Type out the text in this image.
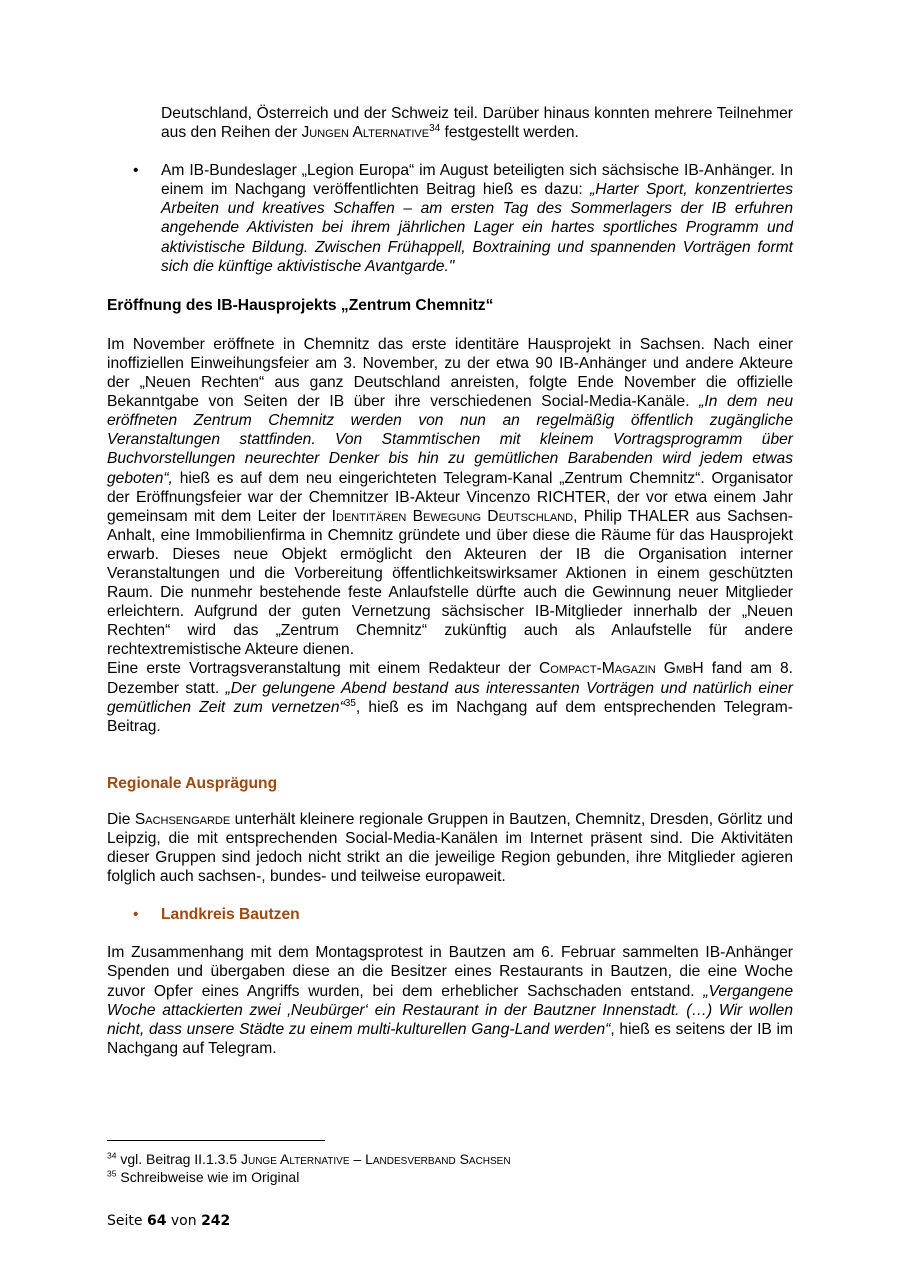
Deutschland, Österreich und der Schweiz teil. Darüber hinaus konnten mehrere Teilnehmer aus den Reihen der Jungen Alternative$^{34}$ festgestellt werden.

• Am IB-Bundeslager „Legion Europa“ im August beteiligten sich sächsische IB-Anhänger. In einem im Nachgang veröffentlichten Beitrag hieß es dazu: „Harter Sport, konzentriertes Arbeiten und kreatives Schaffen – am ersten Tag des Sommerlagers der IB erfuhren angehende Aktivisten bei ihrem jährlichen Lager ein hartes sportliches Programm und aktivistische Bildung. Zwischen Frühappell, Boxtraining und spannenden Vorträgen formt sich die künftige aktivistische Avantgarde."

Eröffnung des IB-Hausprojekts „Zentrum Chemnitz“

Im November eröffnete in Chemnitz das erste identitäre Hausprojekt in Sachsen. Nach einer inoffiziellen Einweihungsfeier am 3. November, zu der etwa 90 IB-Anhänger und andere Akteure der „Neuen Rechten“ aus ganz Deutschland anreisten, folgte Ende November die offizielle Bekanntgabe von Seiten der IB über ihre verschiedenen Social-Media-Kanäle. „In dem neu eröffneten Zentrum Chemnitz werden von nun an regelmäßig öffentlich zugängliche Veranstaltungen stattfinden. Von Stammtischen mit kleinem Vortragsprogramm über Buchvorstellungen neurechter Denker bis hin zu gemütlichen Barabenden wird jedem etwas geboten“, hieß es auf dem neu eingerichteten Telegram-Kanal „Zentrum Chemnitz“. Organisator der Eröffnungsfeier war der Chemnitzer IB-Akteur Vincenzo RICHTER, der vor etwa einem Jahr gemeinsam mit dem Leiter der Identitären Bewegung Deutschland, Philip THALER aus Sachsen-Anhalt, eine Immobilienfirma in Chemnitz gründete und über diese die Räume für das Hausprojekt erwarb. Dieses neue Objekt ermöglicht den Akteuren der IB die Organisation interner Veranstaltungen und die Vorbereitung öffentlichkeitswirksamer Aktionen in einem geschützten Raum. Die nunmehr bestehende feste Anlaufstelle dürfte auch die Gewinnung neuer Mitglieder erleichtern. Aufgrund der guten Vernetzung sächsischer IB-Mitglieder innerhalb der „Neuen Rechten“ wird das „Zentrum Chemnitz“ zukünftig auch als Anlaufstelle für andere rechtextremistische Akteure dienen.

Eine erste Vortragsveranstaltung mit einem Redakteur der Compact-Magazin GmbH fand am 8. Dezember statt. „Der gelungene Abend bestand aus interessanten Vorträgen und natürlich einer gemütlichen Zeit zum vernetzen“$^{35}$, hieß es im Nachgang auf dem entsprechenden Telegram-Beitrag.

Regionale Ausprägung

Die Sachsengarde unterhält kleinere regionale Gruppen in Bautzen, Chemnitz, Dresden, Görlitz und Leipzig, die mit entsprechenden Social-Media-Kanälen im Internet präsent sind. Die Aktivitäten dieser Gruppen sind jedoch nicht strikt an die jeweilige Region gebunden, ihre Mitglieder agieren folglich auch sachsen-, bundes- und teilweise europaweit.

• Landkreis Bautzen

Im Zusammenhang mit dem Montagsprotest in Bautzen am 6. Februar sammelten IB-Anhänger Spenden und übergaben diese an die Besitzer eines Restaurants in Bautzen, die eine Woche zuvor Opfer eines Angriffs wurden, bei dem erheblicher Sachschaden entstand. „Vergangene Woche attackierten zwei ‚Neubürger‘ ein Restaurant in der Bautzner Innenstadt. (…) Wir wollen nicht, dass unsere Städte zu einem multi-kulturellen Gang-Land werden“, hieß es seitens der IB im Nachgang auf Telegram.

$^{34}$ vgl. Beitrag II.1.3.5 Junge Alternative – Landesverband Sachsen

$^{35}$ Schreibweise wie im Original

Seite 64 von 242
